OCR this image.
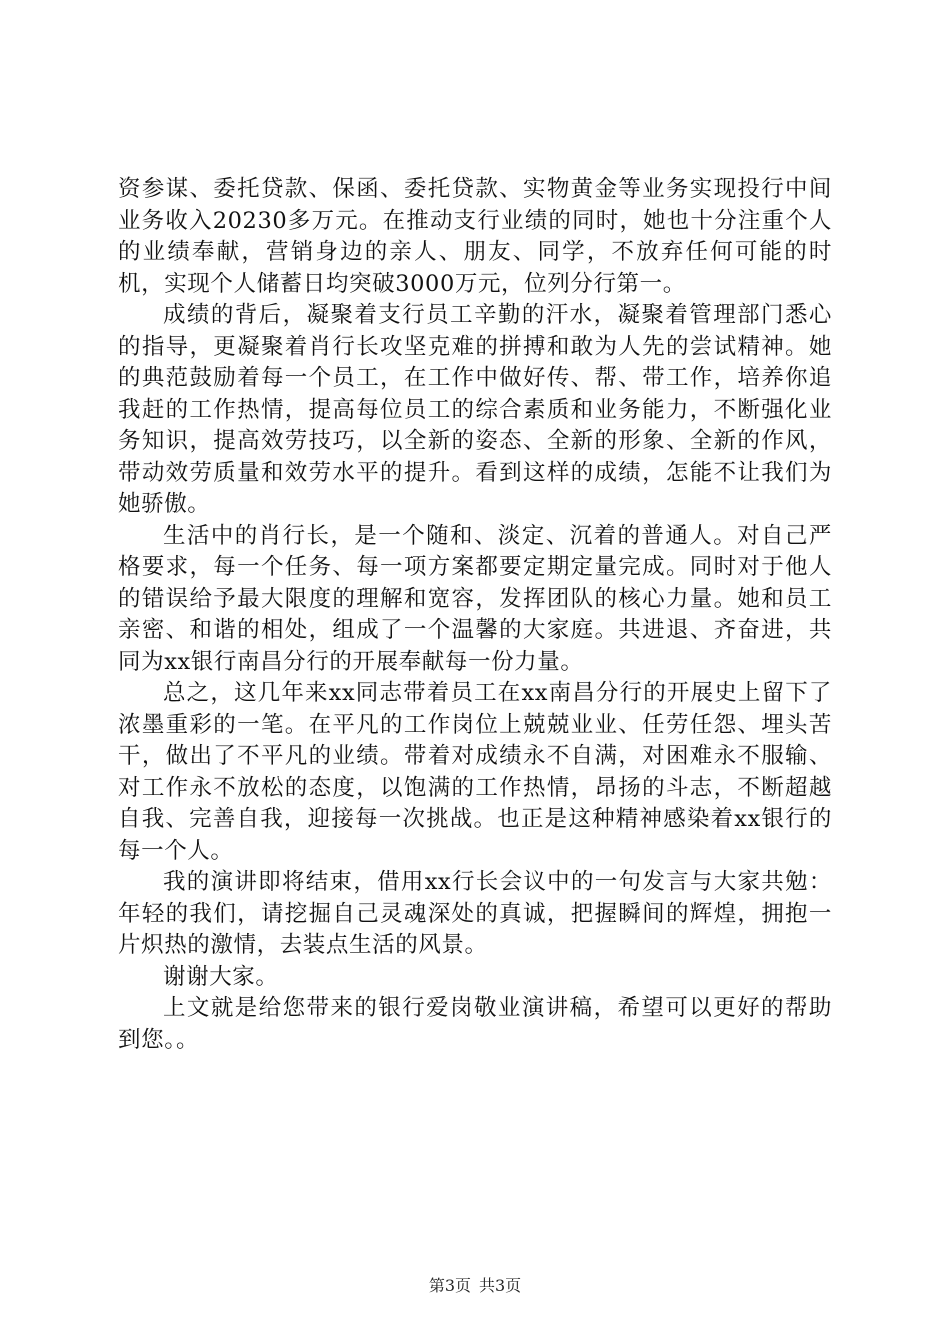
资参谋、委托贷款、保函、委托贷款、实物黄金等业务实现投行中间业务收入20230多万元。在推动支行业绩的同时，她也十分注重个人的业绩奉献，营销身边的亲人、朋友、同学，不放弃任何可能的时机，实现个人储蓄日均突破3000万元，位列分行第一。

成绩的背后，凝聚着支行员工辛勤的汗水，凝聚着管理部门悉心的指导，更凝聚着肖行长攻坚克难的拼搏和敢为人先的尝试精神。她的典范鼓励着每一个员工，在工作中做好传、帮、带工作，培养你追我赶的工作热情，提高每位员工的综合素质和业务能力，不断强化业务知识，提高效劳技巧，以全新的姿态、全新的形象、全新的作风，带动效劳质量和效劳水平的提升。看到这样的成绩，怎能不让我们为她骄傲。

生活中的肖行长，是一个随和、淡定、沉着的普通人。对自己严格要求，每一个任务、每一项方案都要定期定量完成。同时对于他人的错误给予最大限度的理解和宽容，发挥团队的核心力量。她和员工亲密、和谐的相处，组成了一个温馨的大家庭。共进退、齐奋进，共同为xx银行南昌分行的开展奉献每一份力量。

总之，这几年来xx同志带着员工在xx南昌分行的开展史上留下了浓墨重彩的一笔。在平凡的工作岗位上兢兢业业、任劳任怨、埋头苦干，做出了不平凡的业绩。带着对成绩永不自满，对困难永不服输、对工作永不放松的态度，以饱满的工作热情，昂扬的斗志，不断超越自我、完善自我，迎接每一次挑战。也正是这种精神感染着xx银行的每一个人。

我的演讲即将结束，借用xx行长会议中的一句发言与大家共勉：年轻的我们，请挖掘自己灵魂深处的真诚，把握瞬间的辉煌，拥抱一片炽热的激情，去装点生活的风景。

谢谢大家。

上文就是给您带来的银行爱岗敬业演讲稿，希望可以更好的帮助到您。。

第3页 共3页
